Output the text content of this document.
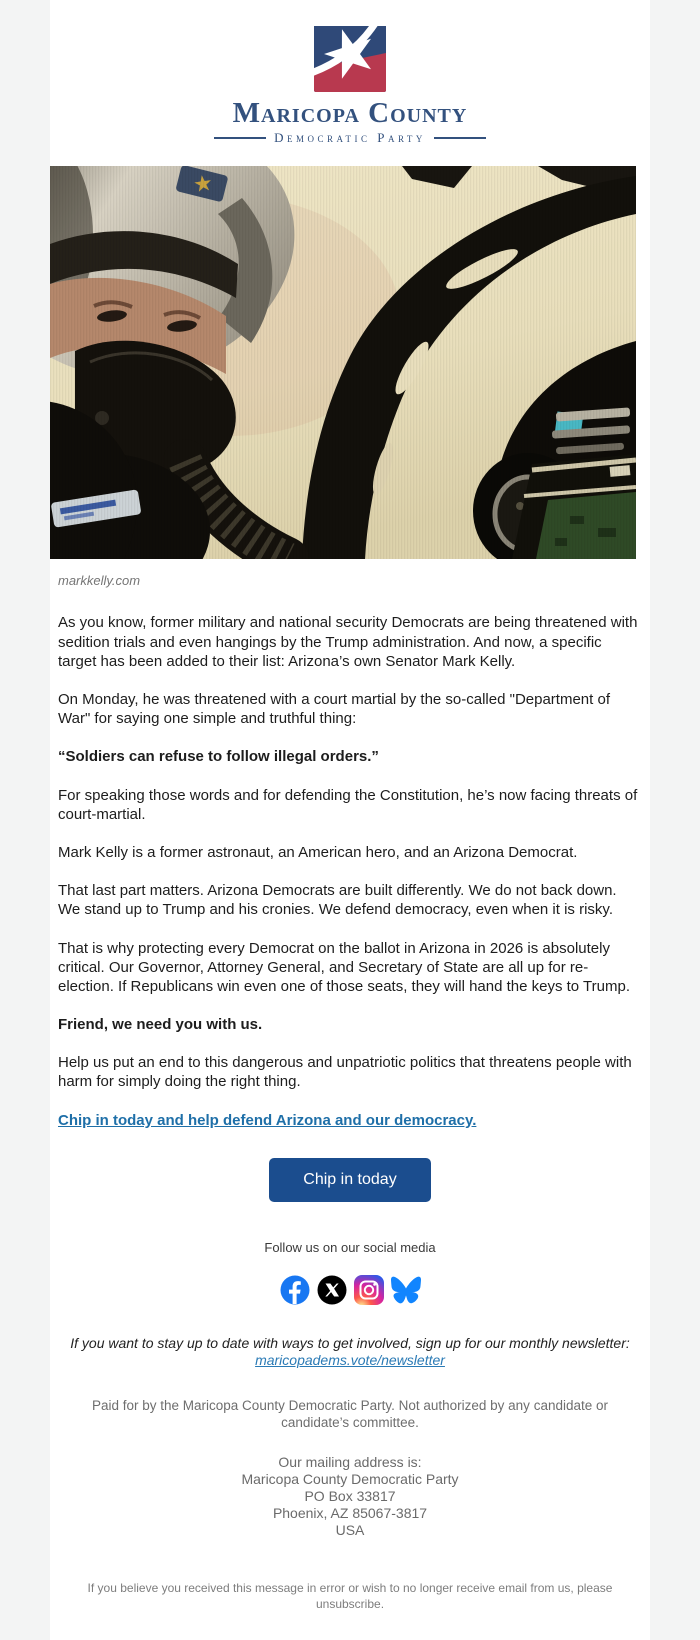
Maricopa County
Democratic Party
markkelly.com

As you know, former military and national security Democrats are being threatened with sedition trials and even hangings by the Trump administration. And now, a specific target has been added to their list: Arizona’s own Senator Mark Kelly.

On Monday, he was threatened with a court martial by the so-called "Department of War" for saying one simple and truthful thing:

“Soldiers can refuse to follow illegal orders.”

For speaking those words and for defending the Constitution, he’s now facing threats of court-martial.

Mark Kelly is a former astronaut, an American hero, and an Arizona Democrat.

That last part matters. Arizona Democrats are built differently. We do not back down. We stand up to Trump and his cronies. We defend democracy, even when it is risky.

That is why protecting every Democrat on the ballot in Arizona in 2026 is absolutely critical. Our Governor, Attorney General, and Secretary of State are all up for re-election. If Republicans win even one of those seats, they will hand the keys to Trump.

Friend, we need you with us.

Help us put an end to this dangerous and unpatriotic politics that threatens people with harm for simply doing the right thing.

Chip in today and help defend Arizona and our democracy.

Chip in today
Follow us on our social media
If you want to stay up to date with ways to get involved, sign up for our monthly newsletter: maricopadems.vote/newsletter
Paid for by the Maricopa County Democratic Party. Not authorized by any candidate or candidate’s committee.
Our mailing address is:
Maricopa County Democratic Party
PO Box 33817
Phoenix, AZ 85067-3817
USA
If you believe you received this message in error or wish to no longer receive email from us, please unsubscribe.
